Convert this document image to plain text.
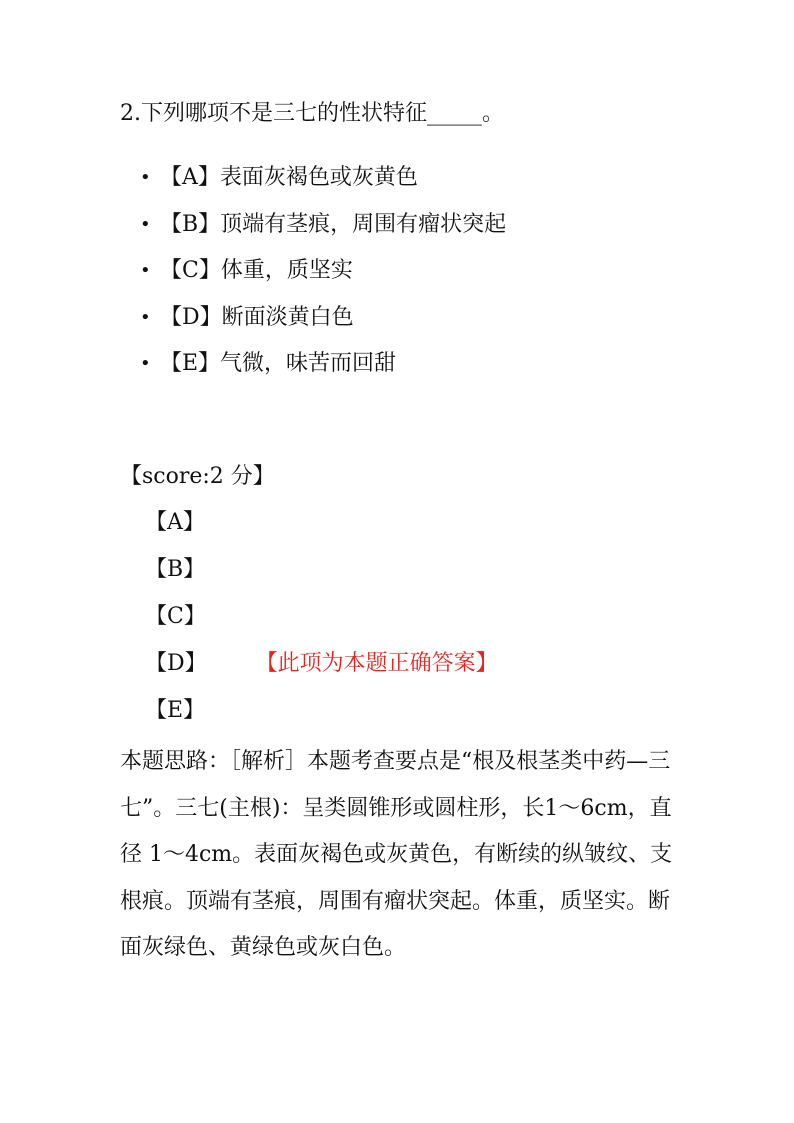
2.下列哪项不是三七的性状特征_____。
• 【A】表面灰褐色或灰黄色
• 【B】顶端有茎痕，周围有瘤状突起
• 【C】体重，质坚实
• 【D】断面淡黄白色
• 【E】气微，味苦而回甜
【score:2 分】
【A】
【B】
【C】
【D】 【此项为本题正确答案】
【E】

本题思路：［解析］本题考查要点是“根及根茎类中药—三七”。三七(主根)：呈类圆锥形或圆柱形，长1～6cm，直径 1～4cm。表面灰褐色或灰黄色，有断续的纵皱纹、支根痕。顶端有茎痕，周围有瘤状突起。体重，质坚实。断面灰绿色、黄绿色或灰白色。
